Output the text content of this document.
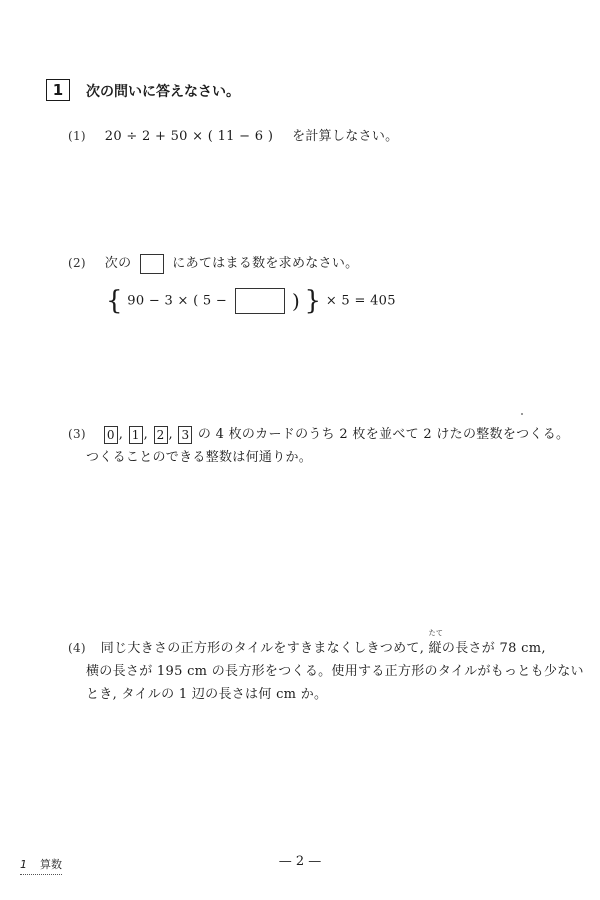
1	次の問いに答えなさい。
(1) 20 ÷ 2 + 50 × ( 11 − 6 ) を計算しなさい。
(2) 次の	にあてはまる数を求めなさい。
{ 90 − 3 × ( 5 −	) } × 5 = 405
(3) 0 , 1 , 2 , 3 の 4 枚のカードのうち 2 枚を並べて 2 けたの整数をつくる。
つくることのできる整数は何通りか。
(4) 同じ大きさの正方形のタイルをすきまなくしきつめて,
たて
縦の長さが 78 cm,
横の長さが 195 cm の長方形をつくる。使用する正方形のタイルがもっとも少ない
とき, タイルの 1 辺の長さは何 cm か。
1 算数	— 2 —
